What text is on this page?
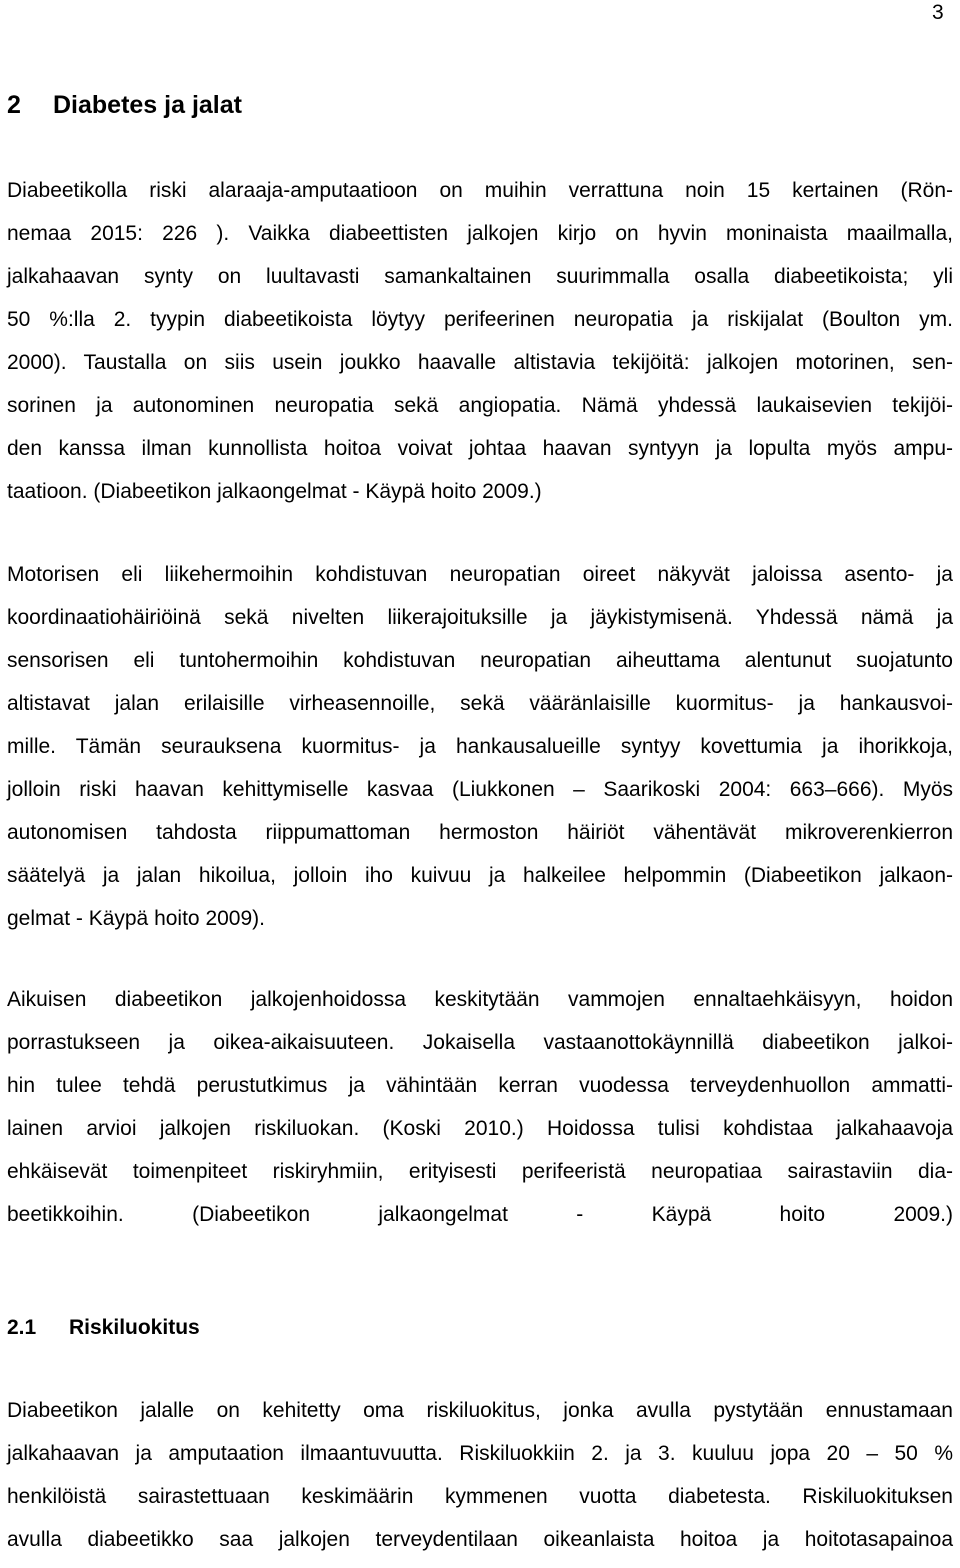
3
2 Diabetes ja jalat
Diabeetikolla riski alaraaja-amputaatioon on muihin verrattuna noin 15 kertainen (Rön-
nemaa 2015: 226 ). Vaikka diabeettisten jalkojen kirjo on hyvin moninaista maailmalla,
jalkahaavan synty on luultavasti samankaltainen suurimmalla osalla diabeetikoista; yli
50 %:lla 2. tyypin diabeetikoista löytyy perifeerinen neuropatia ja riskijalat (Boulton ym.
2000). Taustalla on siis usein joukko haavalle altistavia tekijöitä: jalkojen motorinen, sen-
sorinen ja autonominen neuropatia sekä angiopatia. Nämä yhdessä laukaisevien tekijöi-
den kanssa ilman kunnollista hoitoa voivat johtaa haavan syntyyn ja lopulta myös ampu-
taatioon. (Diabeetikon jalkaongelmat - Käypä hoito 2009.)
Motorisen eli liikehermoihin kohdistuvan neuropatian oireet näkyvät jaloissa asento- ja
koordinaatiohäiriöinä sekä nivelten liikerajoituksille ja jäykistymisenä. Yhdessä nämä ja
sensorisen eli tuntohermoihin kohdistuvan neuropatian aiheuttama alentunut suojatunto
altistavat jalan erilaisille virheasennoille, sekä vääränlaisille kuormitus- ja hankausvoi-
mille. Tämän seurauksena kuormitus- ja hankausalueille syntyy kovettumia ja ihorikkoja,
jolloin riski haavan kehittymiselle kasvaa (Liukkonen – Saarikoski 2004: 663–666). Myös
autonomisen tahdosta riippumattoman hermoston häiriöt vähentävät mikroverenkierron
säätelyä ja jalan hikoilua, jolloin iho kuivuu ja halkeilee helpommin (Diabeetikon jalkaon-
gelmat - Käypä hoito 2009).
Aikuisen diabeetikon jalkojenhoidossa keskitytään vammojen ennaltaehkäisyyn, hoidon
porrastukseen ja oikea-aikaisuuteen. Jokaisella vastaanottokäynnillä diabeetikon jalkoi-
hin tulee tehdä perustutkimus ja vähintään kerran vuodessa terveydenhuollon ammatti-
lainen arvioi jalkojen riskiluokan. (Koski 2010.) Hoidossa tulisi kohdistaa jalkahaavoja
ehkäisevät toimenpiteet riskiryhmiin, erityisesti perifeeristä neuropatiaa sairastaviin dia-
beetikkoihin. (Diabeetikon jalkaongelmat - Käypä hoito 2009.)
2.1 Riskiluokitus
Diabeetikon jalalle on kehitetty oma riskiluokitus, jonka avulla pystytään ennustamaan
jalkahaavan ja amputaation ilmaantuvuutta. Riskiluokkiin 2. ja 3. kuuluu jopa 20 – 50 %
henkilöistä sairastettuaan keskimäärin kymmenen vuotta diabetesta. Riskiluokituksen
avulla diabeetikko saa jalkojen terveydentilaan oikeanlaista hoitoa ja hoitotasapainoa
